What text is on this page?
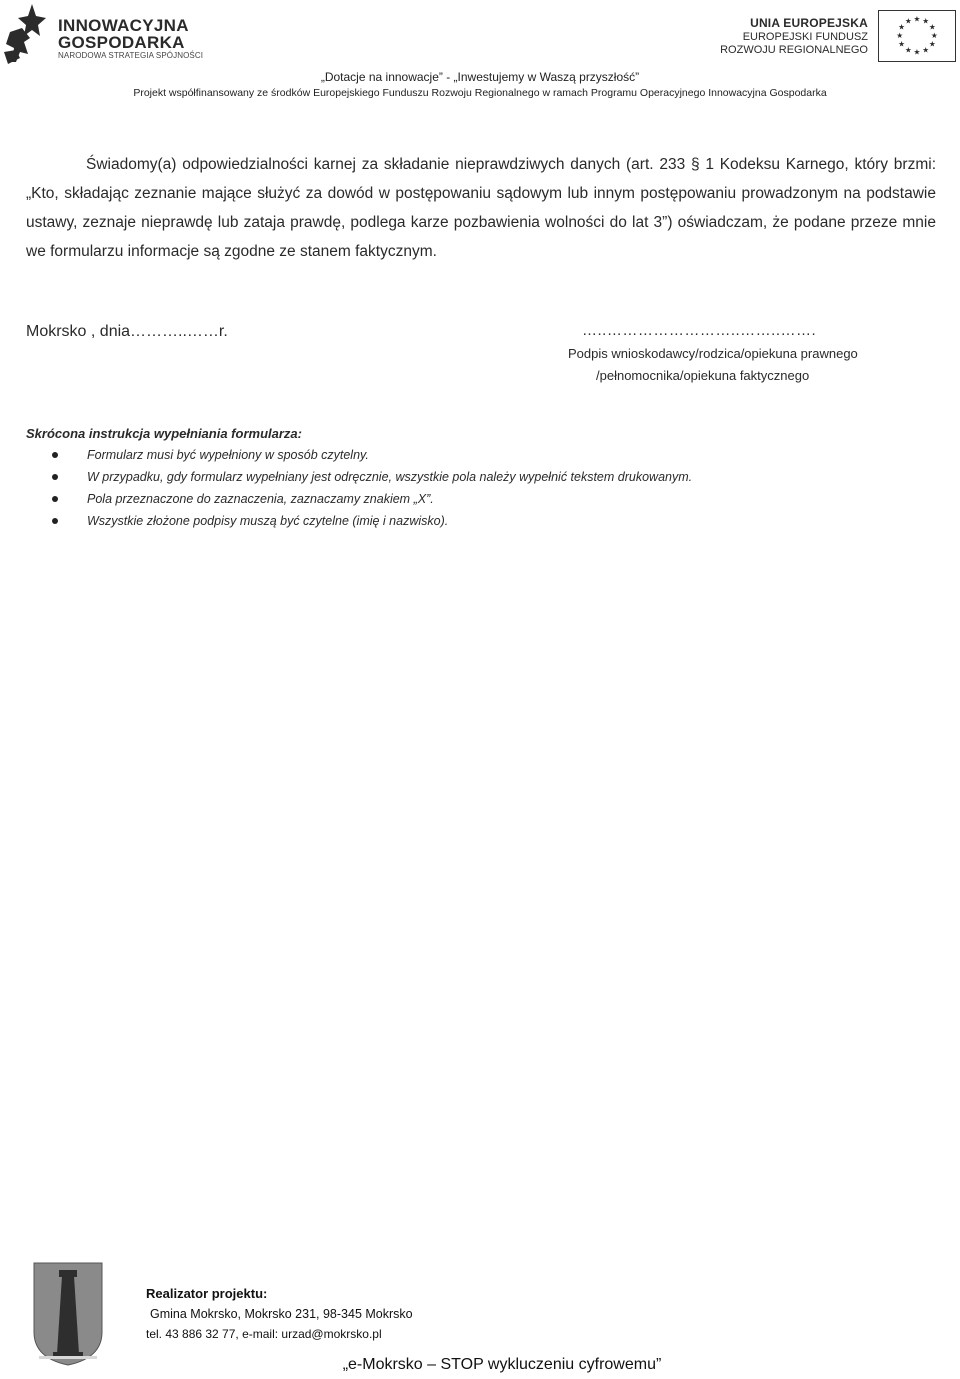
INNOWACYJNA
GOSPODARKA
NARODOWA STRATEGIA SPÓJNOŚCI
UNIA EUROPEJSKA
EUROPEJSKI FUNDUSZ
ROZWOJU REGIONALNEGO
★ ★
★
★
★
★
★
★
★
★
★
★
„Dotacje na innowacje” - „Inwestujemy w Waszą przyszłość”
Projekt współfinansowany ze środków Europejskiego Funduszu Rozwoju Regionalnego w ramach Programu Operacyjnego Innowacyjna Gospodarka
Świadomy(a) odpowiedzialności karnej za składanie nieprawdziwych danych (art. 233 § 1 Kodeksu Karnego, który brzmi: „Kto, składając zeznanie mające służyć za dowód w postępowaniu sądowym lub innym postępowaniu prowadzonym na podstawie ustawy, zeznaje nieprawdę lub zataja prawdę, podlega karze pozbawienia wolności do lat 3”) oświadczam, że podane przeze mnie we formularzu informacje są zgodne ze stanem faktycznym.
Mokrsko , dnia………..……r.	…..……………………..……..…….
Podpis wnioskodawcy/rodzica/opiekuna prawnego
/pełnomocnika/opiekuna faktycznego
Skrócona instrukcja wypełniania formularza:
Formularz musi być wypełniony w sposób czytelny.
W przypadku, gdy formularz wypełniany jest odręcznie, wszystkie pola należy wypełnić tekstem drukowanym.
Pola przeznaczone do zaznaczenia, zaznaczamy znakiem „X”.
Wszystkie złożone podpisy muszą być czytelne (imię i nazwisko).
Realizator projektu:
Gmina Mokrsko, Mokrsko 231, 98-345 Mokrsko
tel. 43 886 32 77, e-mail: urzad@mokrsko.pl
„e-Mokrsko – STOP wykluczeniu cyfrowemu”
